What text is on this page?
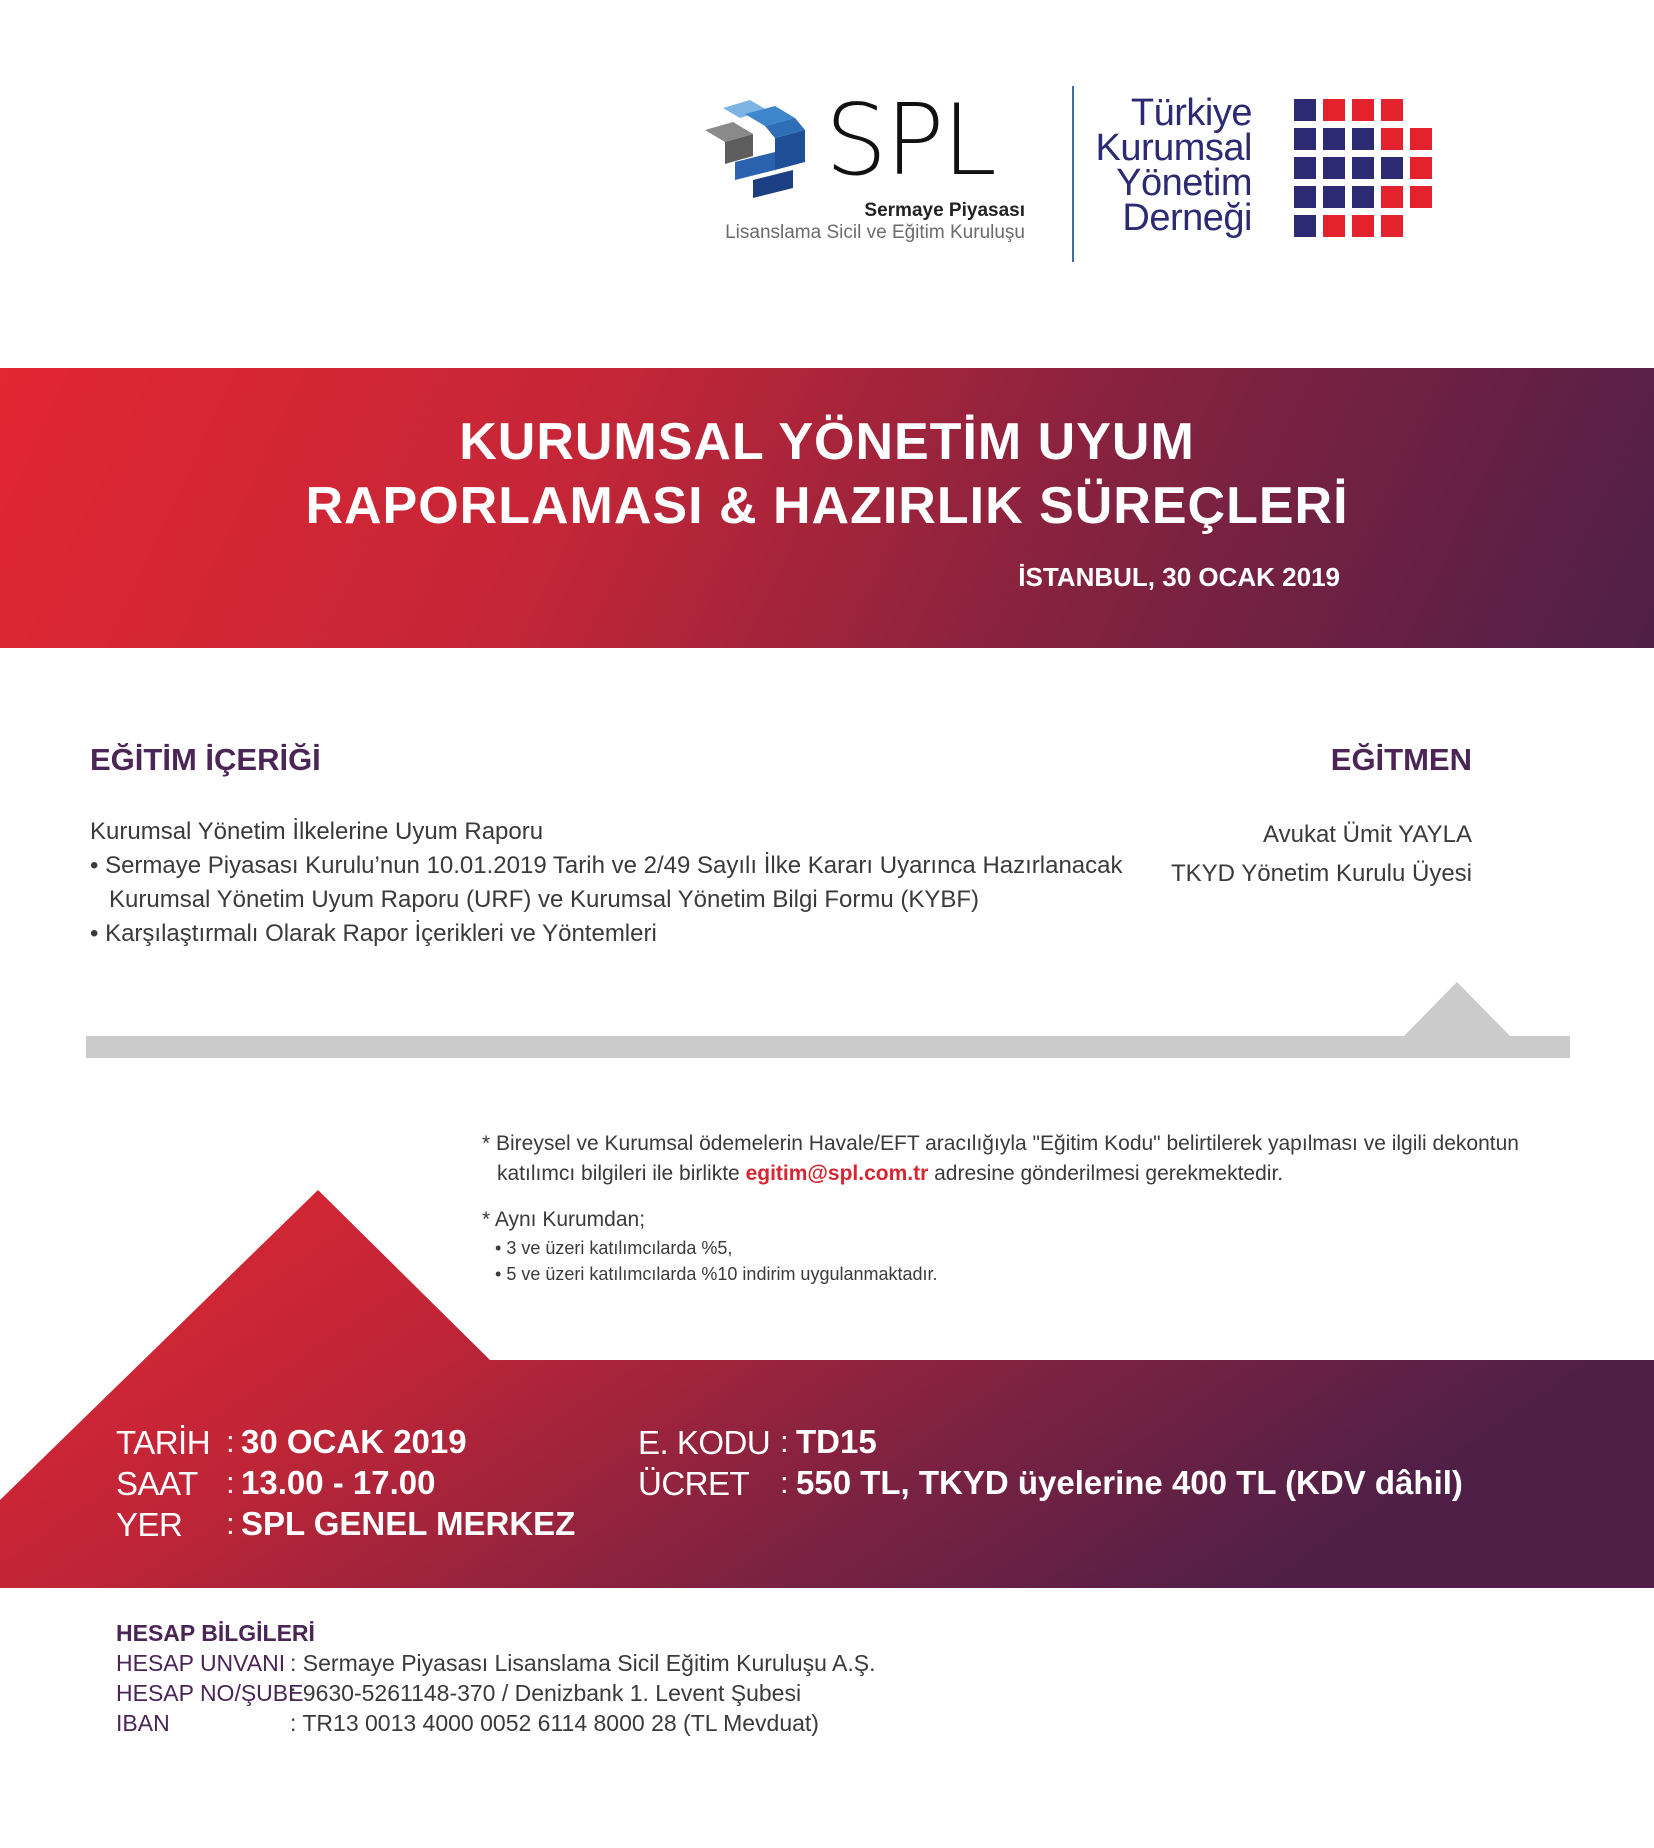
SPL
Sermaye Piyasası
Lisanslama Sicil ve Eğitim Kuruluşu
Türkiye
Kurumsal
Yönetim
Derneği
KURUMSAL YÖNETİM UYUM
RAPORLAMASI & HAZIRLIK SÜREÇLERİ
İSTANBUL, 30 OCAK 2019
EĞİTİM İÇERİĞİ
Kurumsal Yönetim İlkelerine Uyum Raporu
• Sermaye Piyasası Kurulu’nun 10.01.2019 Tarih ve 2/49 Sayılı İlke Kararı Uyarınca Hazırlanacak
Kurumsal Yönetim Uyum Raporu (URF) ve Kurumsal Yönetim Bilgi Formu (KYBF)
• Karşılaştırmalı Olarak Rapor İçerikleri ve Yöntemleri
EĞİTMEN
Avukat Ümit YAYLA
TKYD Yönetim Kurulu Üyesi
* Bireysel ve Kurumsal ödemelerin Havale/EFT aracılığıyla "Eğitim Kodu" belirtilerek yapılması ve ilgili dekontun
katılımcı bilgileri ile birlikte egitim@spl.com.tr adresine gönderilmesi gerekmektedir.
* Aynı Kurumdan;
• 3 ve üzeri katılımcılarda %5,
• 5 ve üzeri katılımcılarda %10 indirim uygulanmaktadır.
TARİH : 30 OCAK 2019
SAAT : 13.00 - 17.00
YER : SPL GENEL MERKEZ
E. KODU : TD15
ÜCRET : 550 TL, TKYD üyelerine 400 TL (KDV dâhil)
HESAP BİLGİLERİ
HESAP UNVANI : Sermaye Piyasası Lisanslama Sicil Eğitim Kuruluşu A.Ş.
HESAP NO/ŞUBE
: 9630-5261148-370 / Denizbank 1. Levent Şubesi
IBAN	: TR13 0013 4000 0052 6114 8000 28 (TL Mevduat)
